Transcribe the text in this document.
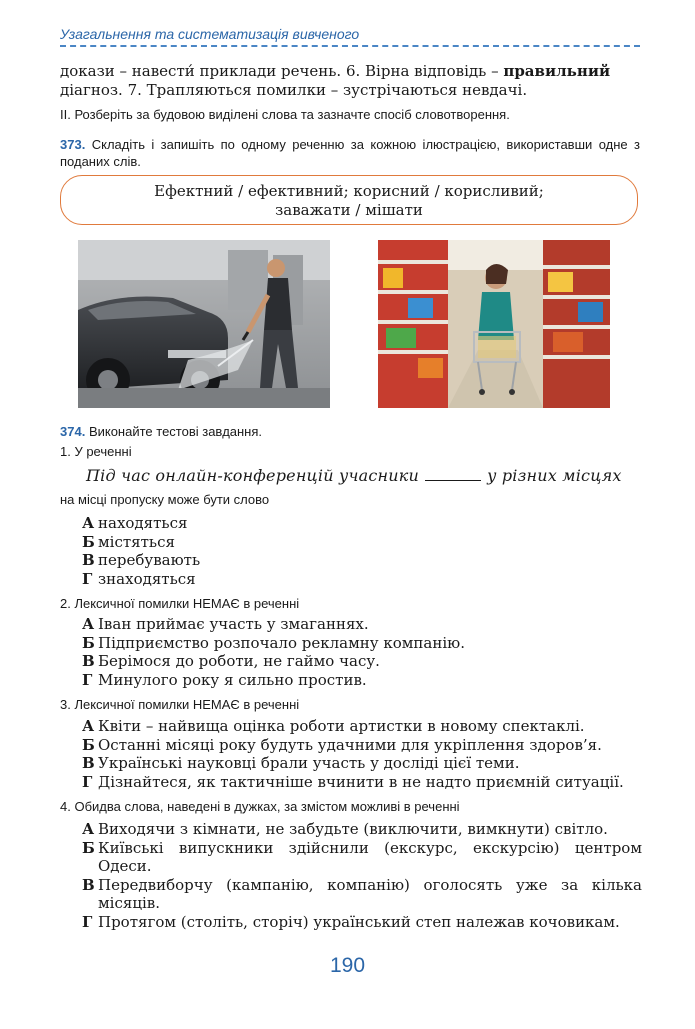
Узагальнення та систематизація вивченого
докази – навести́ приклади речень. 6. Вірна відповідь – правильний
діагноз. 7. Трапляються помилки – зустрічаються невдачі.
II. Розберіть за будовою виділені слова та зазначте спосіб словотворення.
373. Складіть і запишіть по одному реченню за кожною ілюстрацією, використавши одне з поданих слів.
Ефектний / ефективний; корисний / корисливий;
заважати / мішати
374. Виконайте тестові завдання.
1. У реченні
Під час онлайн-конференцій учасники	у різних місцях
на місці пропуску може бути слово
А находяться
Б містяться
В перебувають
Г знаходяться
2. Лексичної помилки НЕМАЄ в реченні
А Іван приймає участь у змаганнях.
Б Підприємство розпочало рекламну компанію.
В Берімося до роботи, не гаймо часу.
Г Минулого року я сильно простив.
3. Лексичної помилки НЕМАЄ в реченні
А Квіти – найвища оцінка роботи артистки в новому спектаклі.
Б Останні місяці року будуть удачними для укріплення здоров’я.
В Українські науковці брали участь у досліді цієї теми.
Г Дізнайтеся, як тактичніше вчинити в не надто приємній ситуації.
4. Обидва слова, наведені в дужках, за змістом можливі в реченні
А Виходячи з кімнати, не забудьте (виключити, вимкнути) світло.
Б Київські випускники здійснили (екскурс, екскурсію) центром Одеси.
В Передвиборчу (кампанію, компанію) оголосять уже за кілька місяців.
Г Протягом (століть, сторіч) український степ належав кочовикам.
190
